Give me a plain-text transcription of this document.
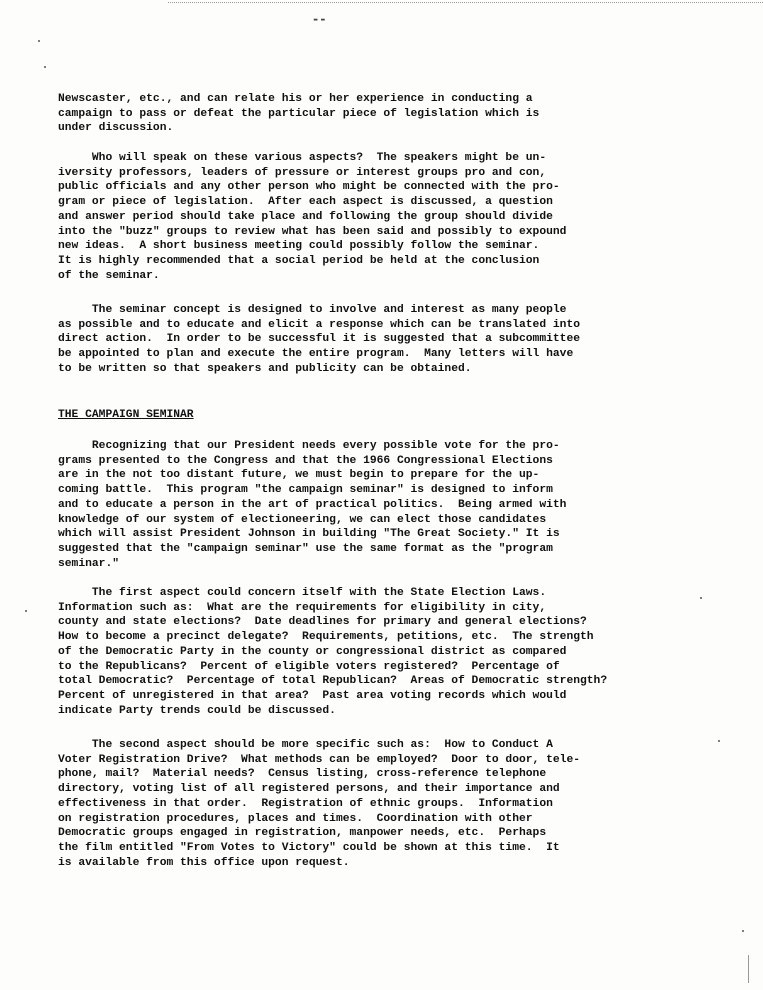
--
Newscaster, etc., and can relate his or her experience in conducting a
campaign to pass or defeat the particular piece of legislation which is
under discussion.
Who will speak on these various aspects?  The speakers might be un-
iversity professors, leaders of pressure or interest groups pro and con,
public officials and any other person who might be connected with the pro-
gram or piece of legislation.  After each aspect is discussed, a question
and answer period should take place and following the group should divide
into the "buzz" groups to review what has been said and possibly to expound
new ideas.  A short business meeting could possibly follow the seminar.
It is highly recommended that a social period be held at the conclusion
of the seminar.
The seminar concept is designed to involve and interest as many people
as possible and to educate and elicit a response which can be translated into
direct action.  In order to be successful it is suggested that a subcommittee
be appointed to plan and execute the entire program.  Many letters will have
to be written so that speakers and publicity can be obtained.
THE CAMPAIGN SEMINAR
Recognizing that our President needs every possible vote for the pro-
grams presented to the Congress and that the 1966 Congressional Elections
are in the not too distant future, we must begin to prepare for the up-
coming battle.  This program "the campaign seminar" is designed to inform
and to educate a person in the art of practical politics.  Being armed with
knowledge of our system of electioneering, we can elect those candidates
which will assist President Johnson in building "The Great Society." It is
suggested that the "campaign seminar" use the same format as the "program
seminar."
The first aspect could concern itself with the State Election Laws.
Information such as:  What are the requirements for eligibility in city,
county and state elections?  Date deadlines for primary and general elections?
How to become a precinct delegate?  Requirements, petitions, etc.  The strength
of the Democratic Party in the county or congressional district as compared
to the Republicans?  Percent of eligible voters registered?  Percentage of
total Democratic?  Percentage of total Republican?  Areas of Democratic strength?
Percent of unregistered in that area?  Past area voting records which would
indicate Party trends could be discussed.
The second aspect should be more specific such as:  How to Conduct A
Voter Registration Drive?  What methods can be employed?  Door to door, tele-
phone, mail?  Material needs?  Census listing, cross-reference telephone
directory, voting list of all registered persons, and their importance and
effectiveness in that order.  Registration of ethnic groups.  Information
on registration procedures, places and times.  Coordination with other
Democratic groups engaged in registration, manpower needs, etc.  Perhaps
the film entitled "From Votes to Victory" could be shown at this time.  It
is available from this office upon request.
